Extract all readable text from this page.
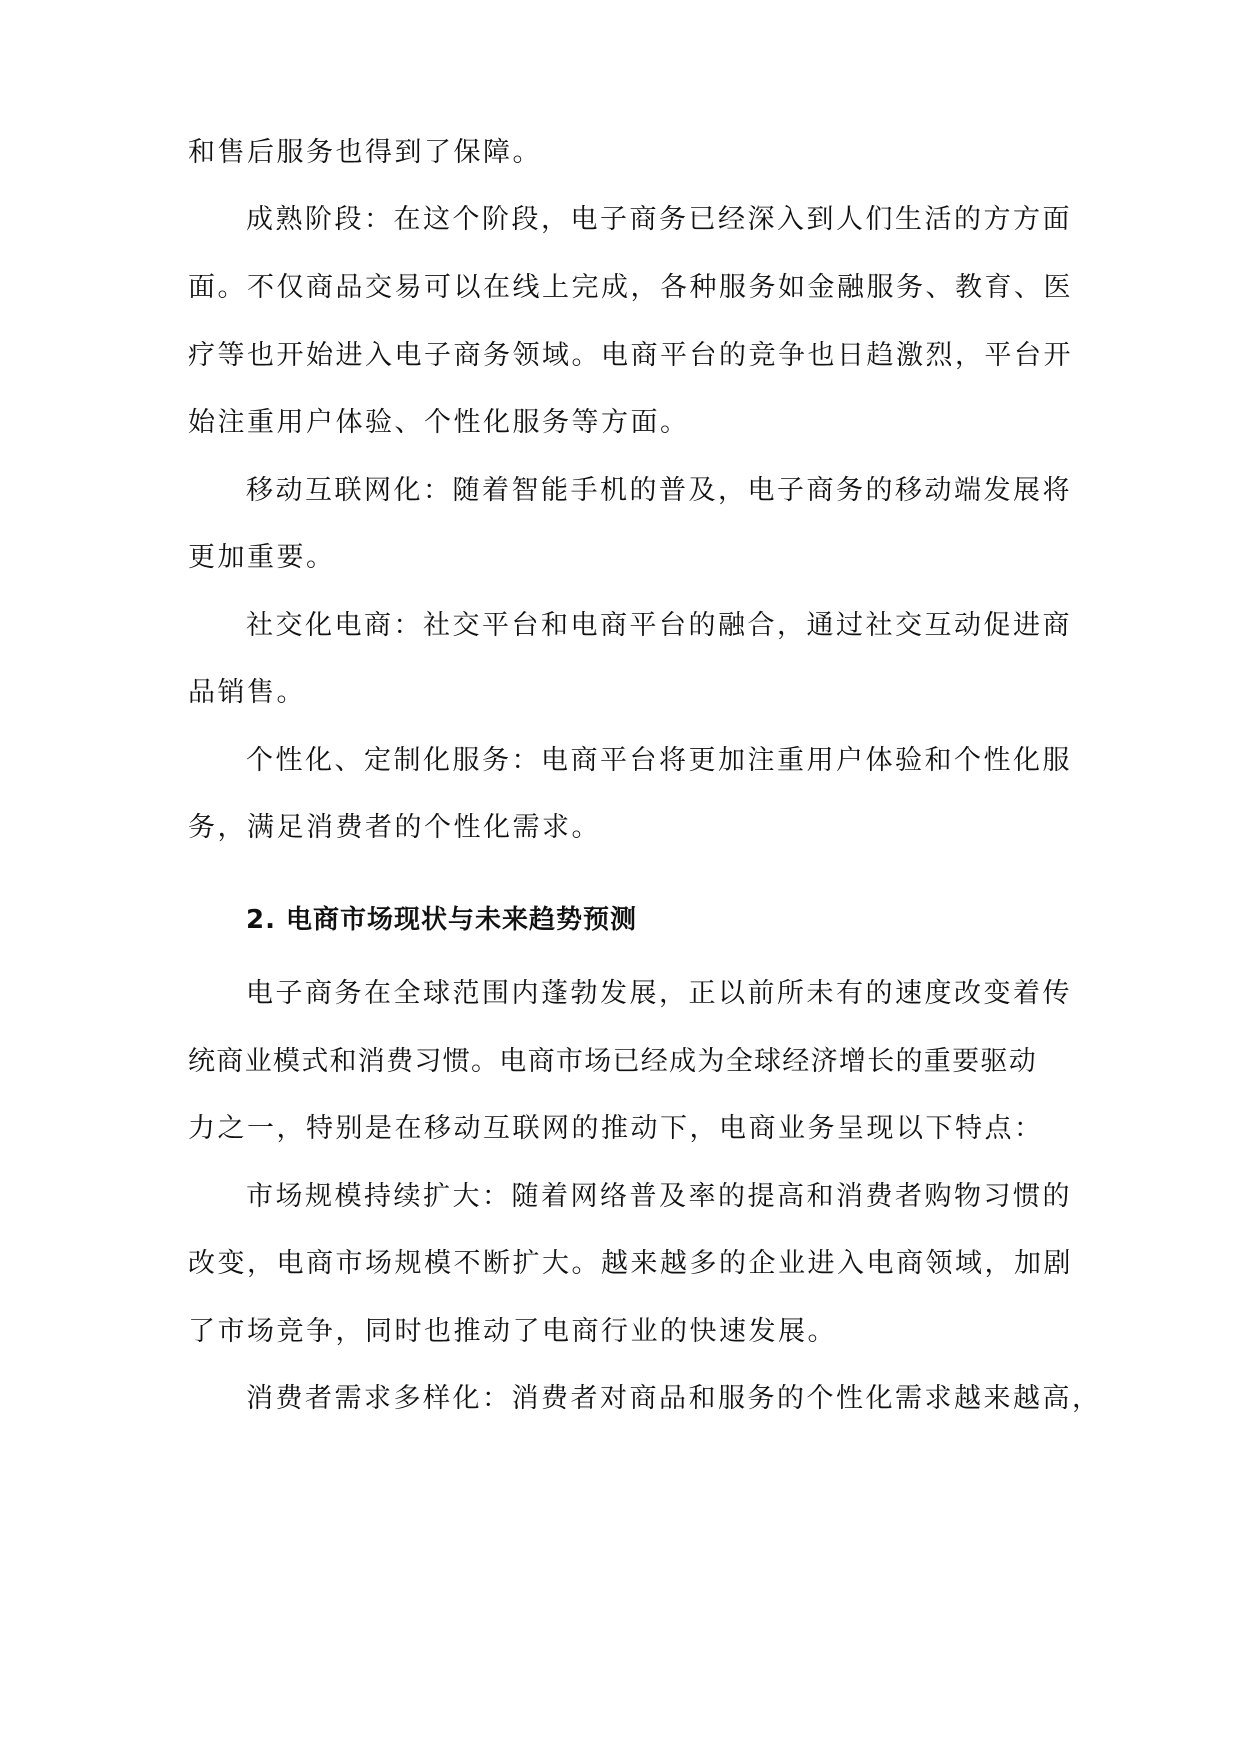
和售后服务也得到了保障。
成熟阶段：在这个阶段，电子商务已经深入到人们生活的方方面
面。不仅商品交易可以在线上完成，各种服务如金融服务、教育、医
疗等也开始进入电子商务领域。电商平台的竞争也日趋激烈，平台开
始注重用户体验、个性化服务等方面。
移动互联网化：随着智能手机的普及，电子商务的移动端发展将
更加重要。
社交化电商：社交平台和电商平台的融合，通过社交互动促进商
品销售。
个性化、定制化服务：电商平台将更加注重用户体验和个性化服
务，满足消费者的个性化需求。
2. 电商市场现状与未来趋势预测
电子商务在全球范围内蓬勃发展，正以前所未有的速度改变着传
统商业模式和消费习惯。电商市场已经成为全球经济增长的重要驱动
力之一，特别是在移动互联网的推动下，电商业务呈现以下特点：
市场规模持续扩大：随着网络普及率的提高和消费者购物习惯的
改变，电商市场规模不断扩大。越来越多的企业进入电商领域，加剧
了市场竞争，同时也推动了电商行业的快速发展。
消费者需求多样化：消费者对商品和服务的个性化需求越来越高，
